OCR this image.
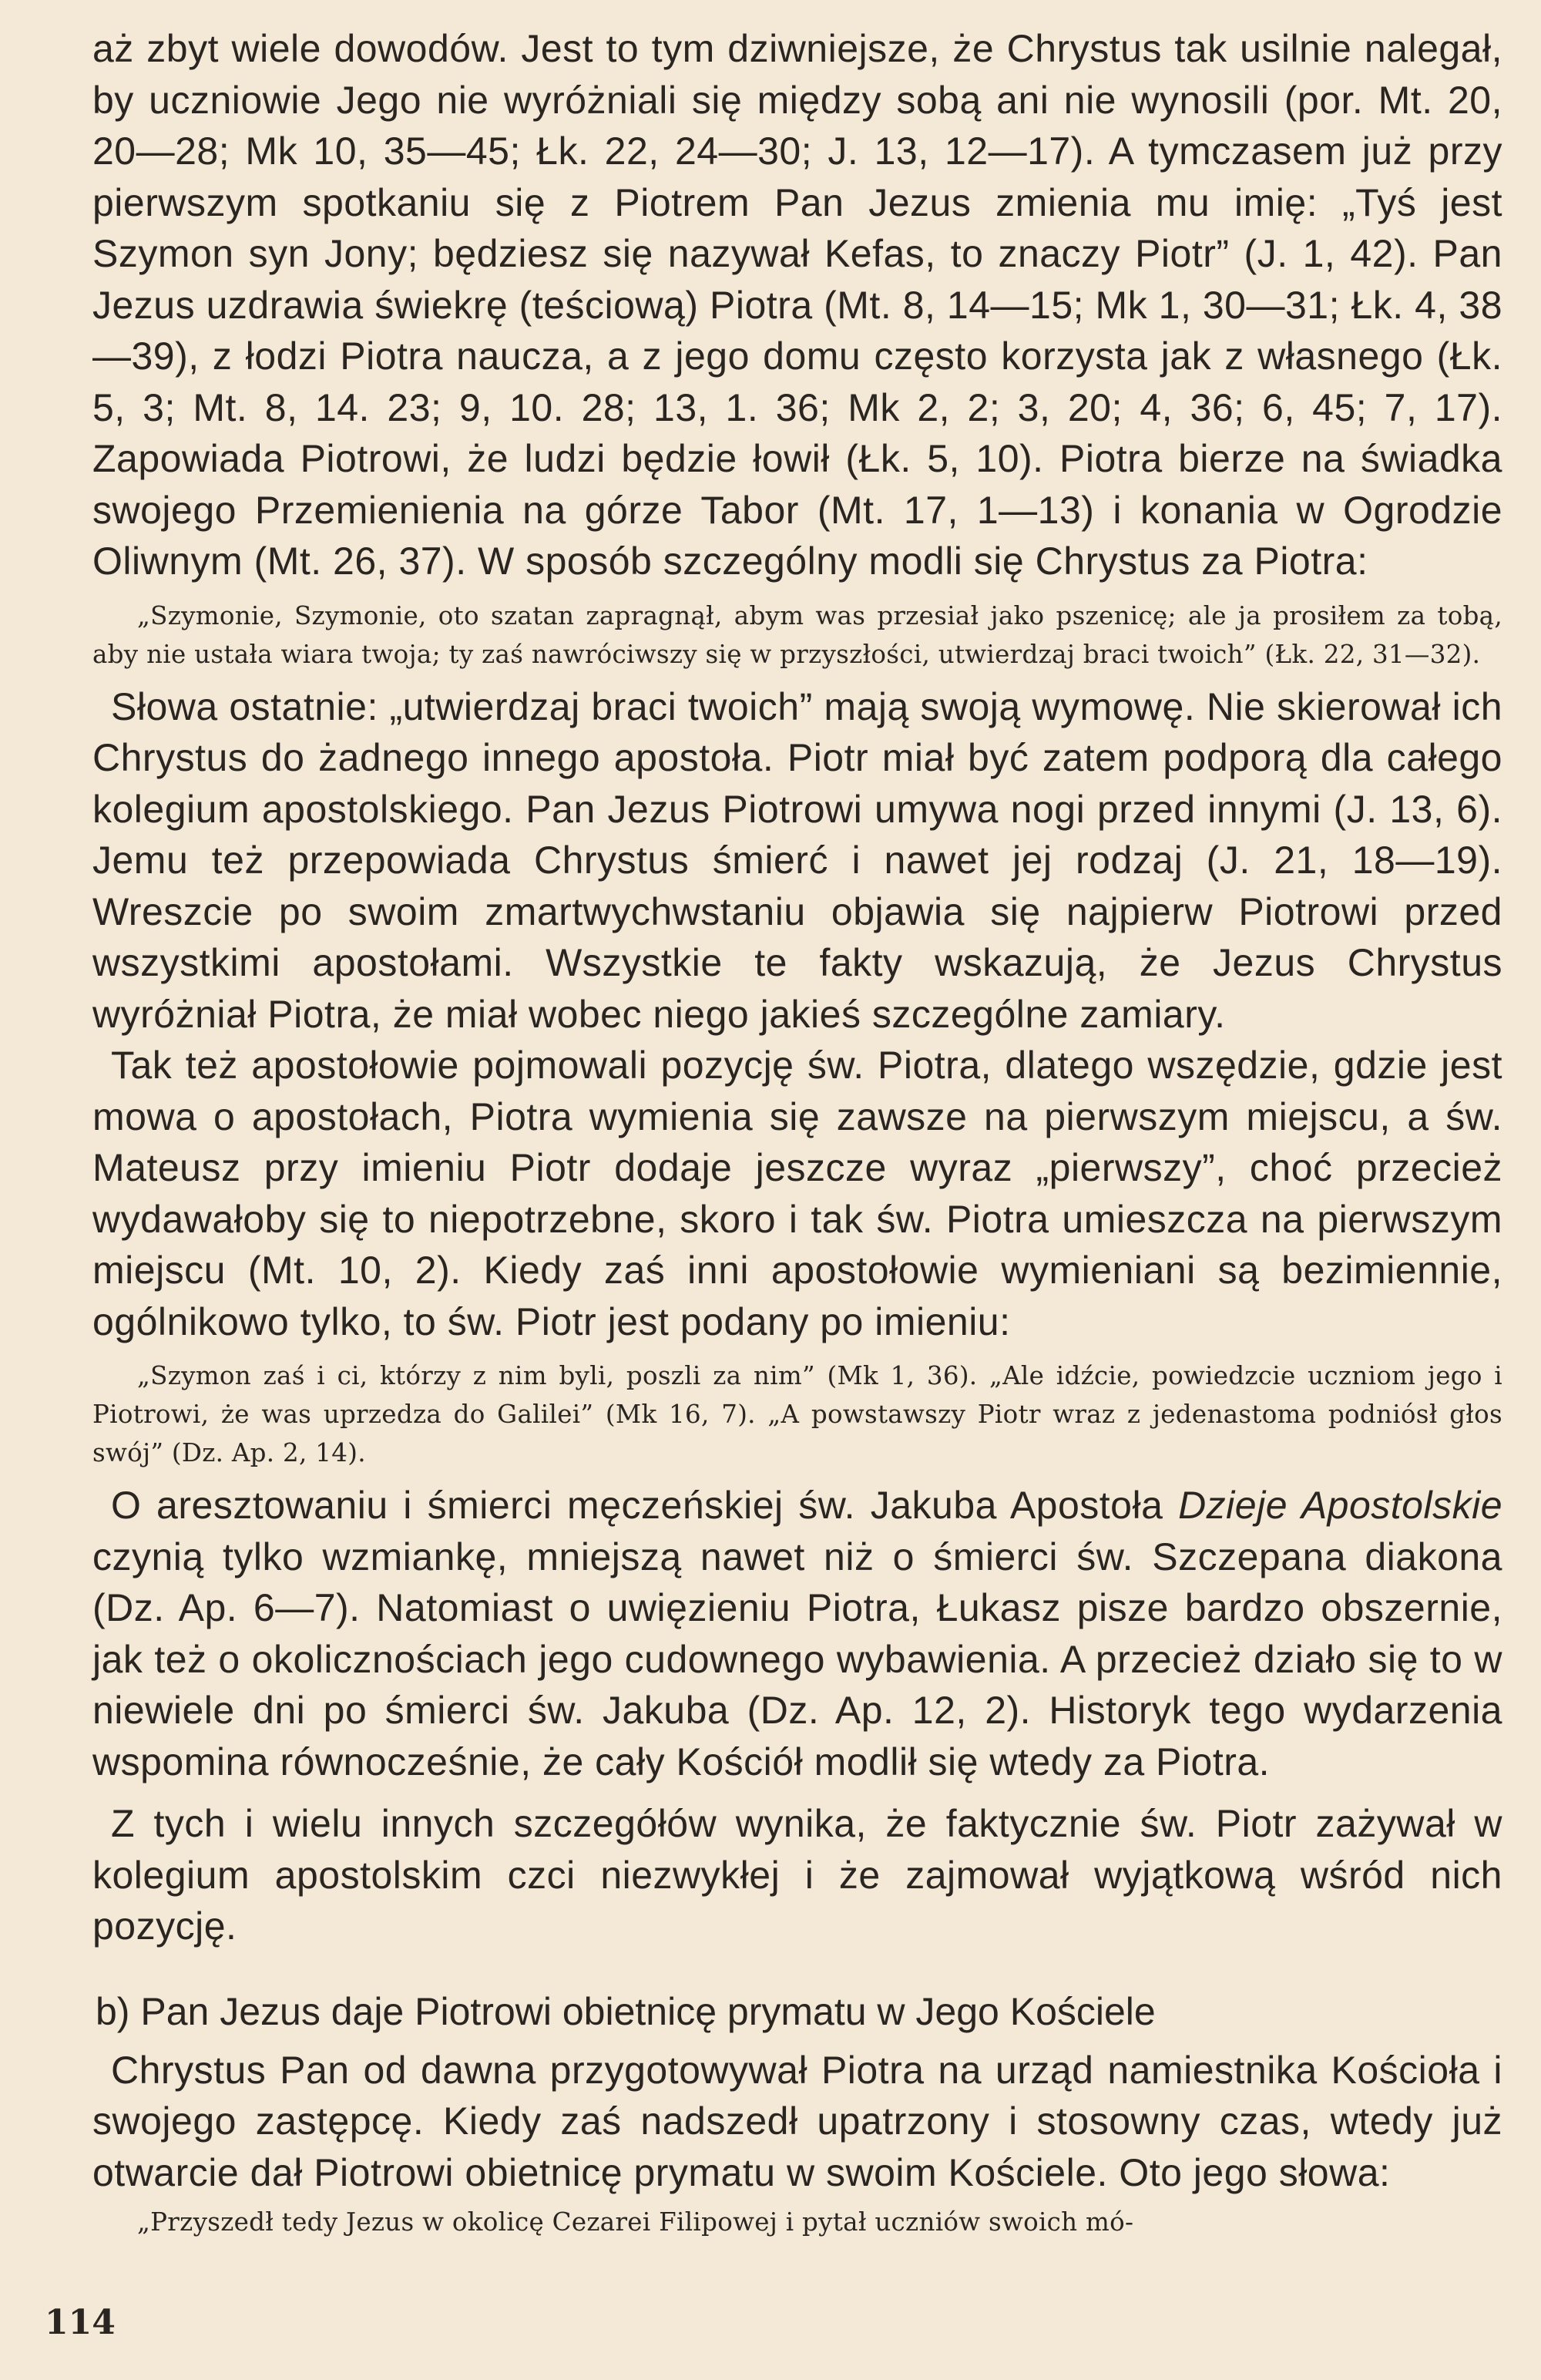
aż zbyt wiele dowodów. Jest to tym dziwniejsze, że Chrystus tak usilnie nalegał, by uczniowie Jego nie wyróżniali się między sobą ani nie wynosili (por. Mt. 20, 20—28; Mk 10, 35—45; Łk. 22, 24—30; J. 13, 12—17). A tymczasem już przy pierwszym spotkaniu się z Piotrem Pan Jezus zmienia mu imię: „Tyś jest Szymon syn Jony; będziesz się nazywał Kefas, to znaczy Piotr” (J. 1, 42). Pan Jezus uzdrawia świekrę (teściową) Piotra (Mt. 8, 14—15; Mk 1, 30—31; Łk. 4, 38—39), z łodzi Piotra naucza, a z jego domu często korzysta jak z własnego (Łk. 5, 3; Mt. 8, 14. 23; 9, 10. 28; 13, 1. 36; Mk 2, 2; 3, 20; 4, 36; 6, 45; 7, 17). Zapowiada Piotrowi, że ludzi będzie łowił (Łk. 5, 10). Piotra bierze na świadka swojego Przemienienia na górze Tabor (Mt. 17, 1—13) i konania w Ogrodzie Oliwnym (Mt. 26, 37). W sposób szczególny modli się Chrystus za Piotra:

„Szymonie, Szymonie, oto szatan zapragnął, abym was przesiał jako pszenicę; ale ja prosiłem za tobą, aby nie ustała wiara twoja; ty zaś nawróciwszy się w przyszłości, utwierdzaj braci twoich” (Łk. 22, 31—32).

Słowa ostatnie: „utwierdzaj braci twoich” mają swoją wymowę. Nie skierował ich Chrystus do żadnego innego apostoła. Piotr miał być zatem podporą dla całego kolegium apostolskiego. Pan Jezus Piotrowi umywa nogi przed innymi (J. 13, 6). Jemu też przepowiada Chrystus śmierć i nawet jej rodzaj (J. 21, 18—19). Wreszcie po swoim zmartwychwstaniu objawia się najpierw Piotrowi przed wszystkimi apostołami. Wszystkie te fakty wskazują, że Jezus Chrystus wyróżniał Piotra, że miał wobec niego jakieś szczególne zamiary.

Tak też apostołowie pojmowali pozycję św. Piotra, dlatego wszędzie, gdzie jest mowa o apostołach, Piotra wymienia się zawsze na pierwszym miejscu, a św. Mateusz przy imieniu Piotr dodaje jeszcze wyraz „pierwszy”, choć przecież wydawałoby się to niepotrzebne, skoro i tak św. Piotra umieszcza na pierwszym miejscu (Mt. 10, 2). Kiedy zaś inni apostołowie wymieniani są bezimiennie, ogólnikowo tylko, to św. Piotr jest podany po imieniu:

„Szymon zaś i ci, którzy z nim byli, poszli za nim” (Mk 1, 36). „Ale idźcie, powiedzcie uczniom jego i Piotrowi, że was uprzedza do Galilei” (Mk 16, 7). „A powstawszy Piotr wraz z jedenastoma podniósł głos swój” (Dz. Ap. 2, 14).

O aresztowaniu i śmierci męczeńskiej św. Jakuba Apostoła Dzieje Apostolskie czynią tylko wzmiankę, mniejszą nawet niż o śmierci św. Szczepana diakona (Dz. Ap. 6—7). Natomiast o uwięzieniu Piotra, Łukasz pisze bardzo obszernie, jak też o okolicznościach jego cudownego wybawienia. A przecież działo się to w niewiele dni po śmierci św. Jakuba (Dz. Ap. 12, 2). Historyk tego wydarzenia wspomina równocześnie, że cały Kościół modlił się wtedy za Piotra.

Z tych i wielu innych szczegółów wynika, że faktycznie św. Piotr zażywał w kolegium apostolskim czci niezwykłej i że zajmował wyjątkową wśród nich pozycję.

b) Pan Jezus daje Piotrowi obietnicę prymatu w Jego Kościele

Chrystus Pan od dawna przygotowywał Piotra na urząd namiestnika Kościoła i swojego zastępcę. Kiedy zaś nadszedł upatrzony i stosowny czas, wtedy już otwarcie dał Piotrowi obietnicę prymatu w swoim Kościele. Oto jego słowa:

„Przyszedł tedy Jezus w okolicę Cezarei Filipowej i pytał uczniów swoich mó-

114
